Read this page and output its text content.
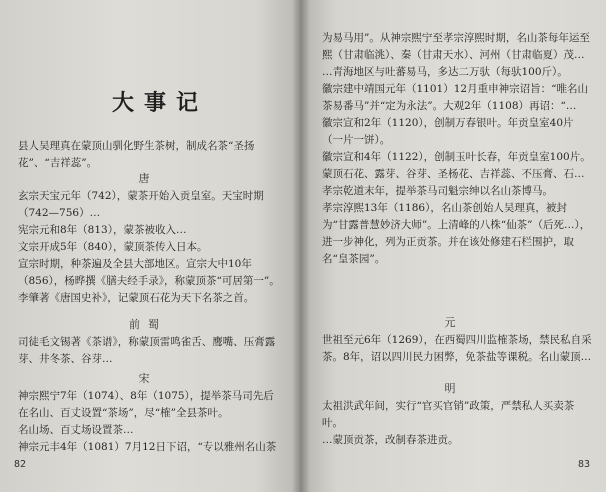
大事记
县人吴理真在蒙顶山驯化野生茶树，制成名茶“圣扬花”、“吉祥蕊”。
唐
玄宗天宝元年（742），蒙茶开始入贡皇室。天宝时期（742—756）…
宪宗元和8年（813），蒙茶被收入…
文宗开成5年（840），蒙顶茶传入日本。
宣宗时期，种茶遍及全县大部地区。宣宗大中10年（856），杨晔撰《膳夫经手录》，称蒙顶茶“可居第一”。
李肇著《唐国史补》，记蒙顶石花为天下名茶之首。
前蜀
司徒毛文锡著《茶谱》，称蒙顶雷鸣雀舌、鹰嘴、压膏露芽、井冬茶、谷芽…
宋
神宗熙宁7年（1074）、8年（1075），提举茶马司先后在名山、百丈设置“茶场”，尽“榷”全县茶叶。
名山场、百丈场设置茶…
神宗元丰4年（1081）7月12日下诏，“专以雅州名山茶
82
为易马用”。从神宗熙宁至孝宗淳熙时期，名山茶每年运至熙（甘肃临洮）、秦（甘肃天水）、河州（甘肃临夏）茂…
…青海地区与吐蕃易马，多达二万驮（每驮100斤）。
徽宗建中靖国元年（1101）12月重申神宗诏旨：“唯名山茶易番马”并“定为永法”。大观2年（1108）再诏：“…
徽宗宣和2年（1120），创制万春银叶。年贡皇室40片（一片一饼）。
徽宗宣和4年（1122），创制玉叶长春，年贡皇室100片。
蒙顶石花、露芽、谷芽、圣杨花、吉祥蕊、不压膏、石…
孝宗乾道末年，提举茶马司魁宗绅以名山茶博马。
孝宗淳熙13年（1186），名山茶创始人吴理真，被封为“甘露普慧妙济大师”。上清峰的八株“仙茶”（后死…），进一步神化，列为正贡茶。并在该处修建石栏围护，取名“皇茶园”。
元
世祖至元6年（1269），在西蜀四川监榷茶场，禁民私自采茶。8年，诏以四川民力困弊，免茶盐等课税。名山蒙顶…
明
太祖洪武年间，实行“官买官销”政策，严禁私人买卖茶叶。
…蒙顶贡茶，改制春茶进贡。
83
